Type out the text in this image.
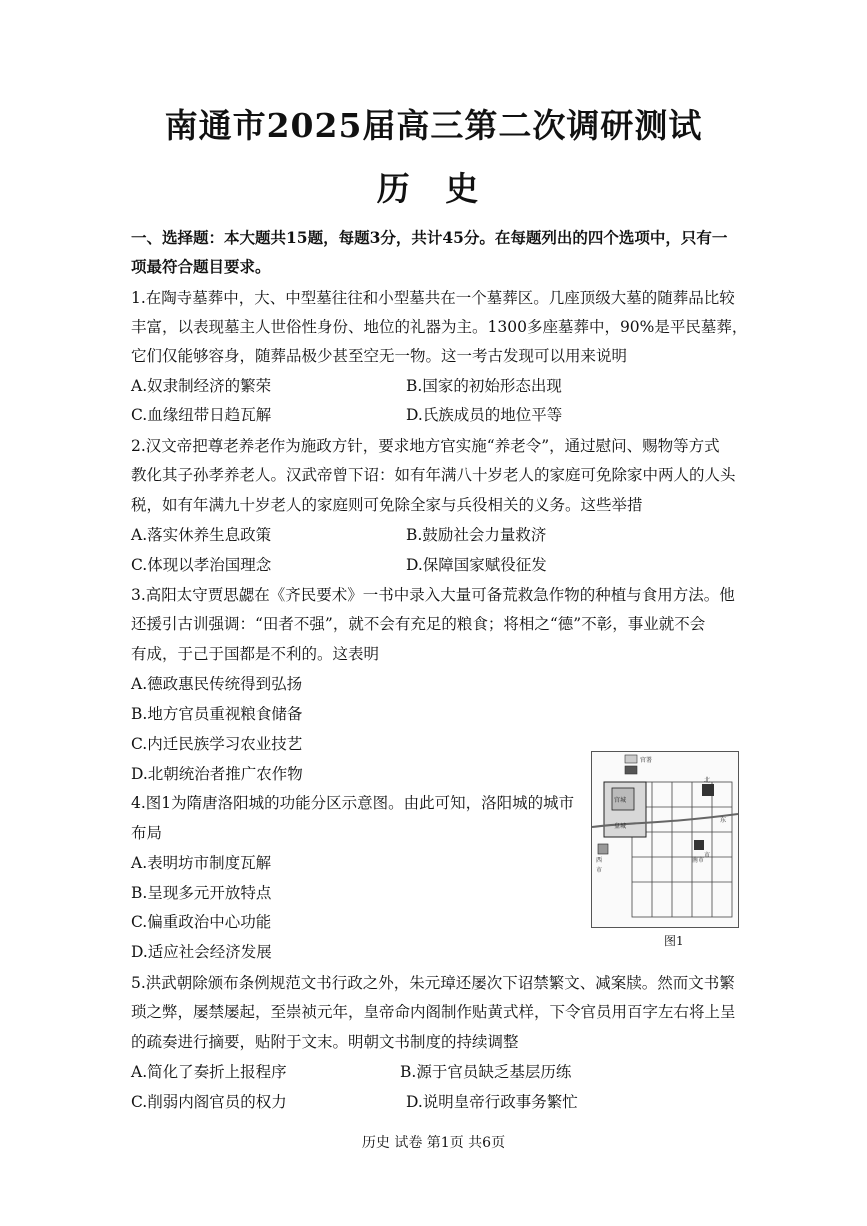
南通市2025届高三第二次调研测试
历 史
一、选择题：本大题共15题，每题3分，共计45分。在每题列出的四个选项中，只有一
项最符合题目要求。
1.在陶寺墓葬中，大、中型墓往往和小型墓共在一个墓葬区。几座顶级大墓的随葬品比较
丰富，以表现墓主人世俗性身份、地位的礼器为主。1300多座墓葬中，90%是平民墓葬，
它们仅能够容身，随葬品极少甚至空无一物。这一考古发现可以用来说明
A.奴隶制经济的繁荣	B.国家的初始形态出现
C.血缘纽带日趋瓦解	D.氏族成员的地位平等
2.汉文帝把尊老养老作为施政方针，要求地方官实施“养老令”，通过慰问、赐物等方式
教化其子孙孝养老人。汉武帝曾下诏：如有年满八十岁老人的家庭可免除家中两人的人头
税，如有年满九十岁老人的家庭则可免除全家与兵役相关的义务。这些举措
A.落实休养生息政策	B.鼓励社会力量救济
C.体现以孝治国理念	D.保障国家赋役征发
3.高阳太守贾思勰在《齐民要术》一书中录入大量可备荒救急作物的种植与食用方法。他
还援引古训强调：“田者不强”，就不会有充足的粮食；将相之“德”不彰，事业就不会
有成，于己于国都是不利的。这表明
A.德政惠民传统得到弘扬
B.地方官员重视粮食储备
C.内迁民族学习农业技艺
D.北朝统治者推广农作物
4.图1为隋唐洛阳城的功能分区示意图。由此可知，洛阳城的城市
布局
A.表明坊市制度瓦解
B.呈现多元开放特点
C.偏重政治中心功能
D.适应社会经济发展
官署
宫城
皇城
西
市
北
南市
市
东
图1
5.洪武朝除颁布条例规范文书行政之外，朱元璋还屡次下诏禁繁文、减案牍。然而文书繁
琐之弊，屡禁屡起，至崇祯元年，皇帝命内阁制作贴黄式样，下令官员用百字左右将上呈
的疏奏进行摘要，贴附于文末。明朝文书制度的持续调整
A.简化了奏折上报程序	B.源于官员缺乏基层历练
C.削弱内阁官员的权力	D.说明皇帝行政事务繁忙
历史 试卷 第1页 共6页
